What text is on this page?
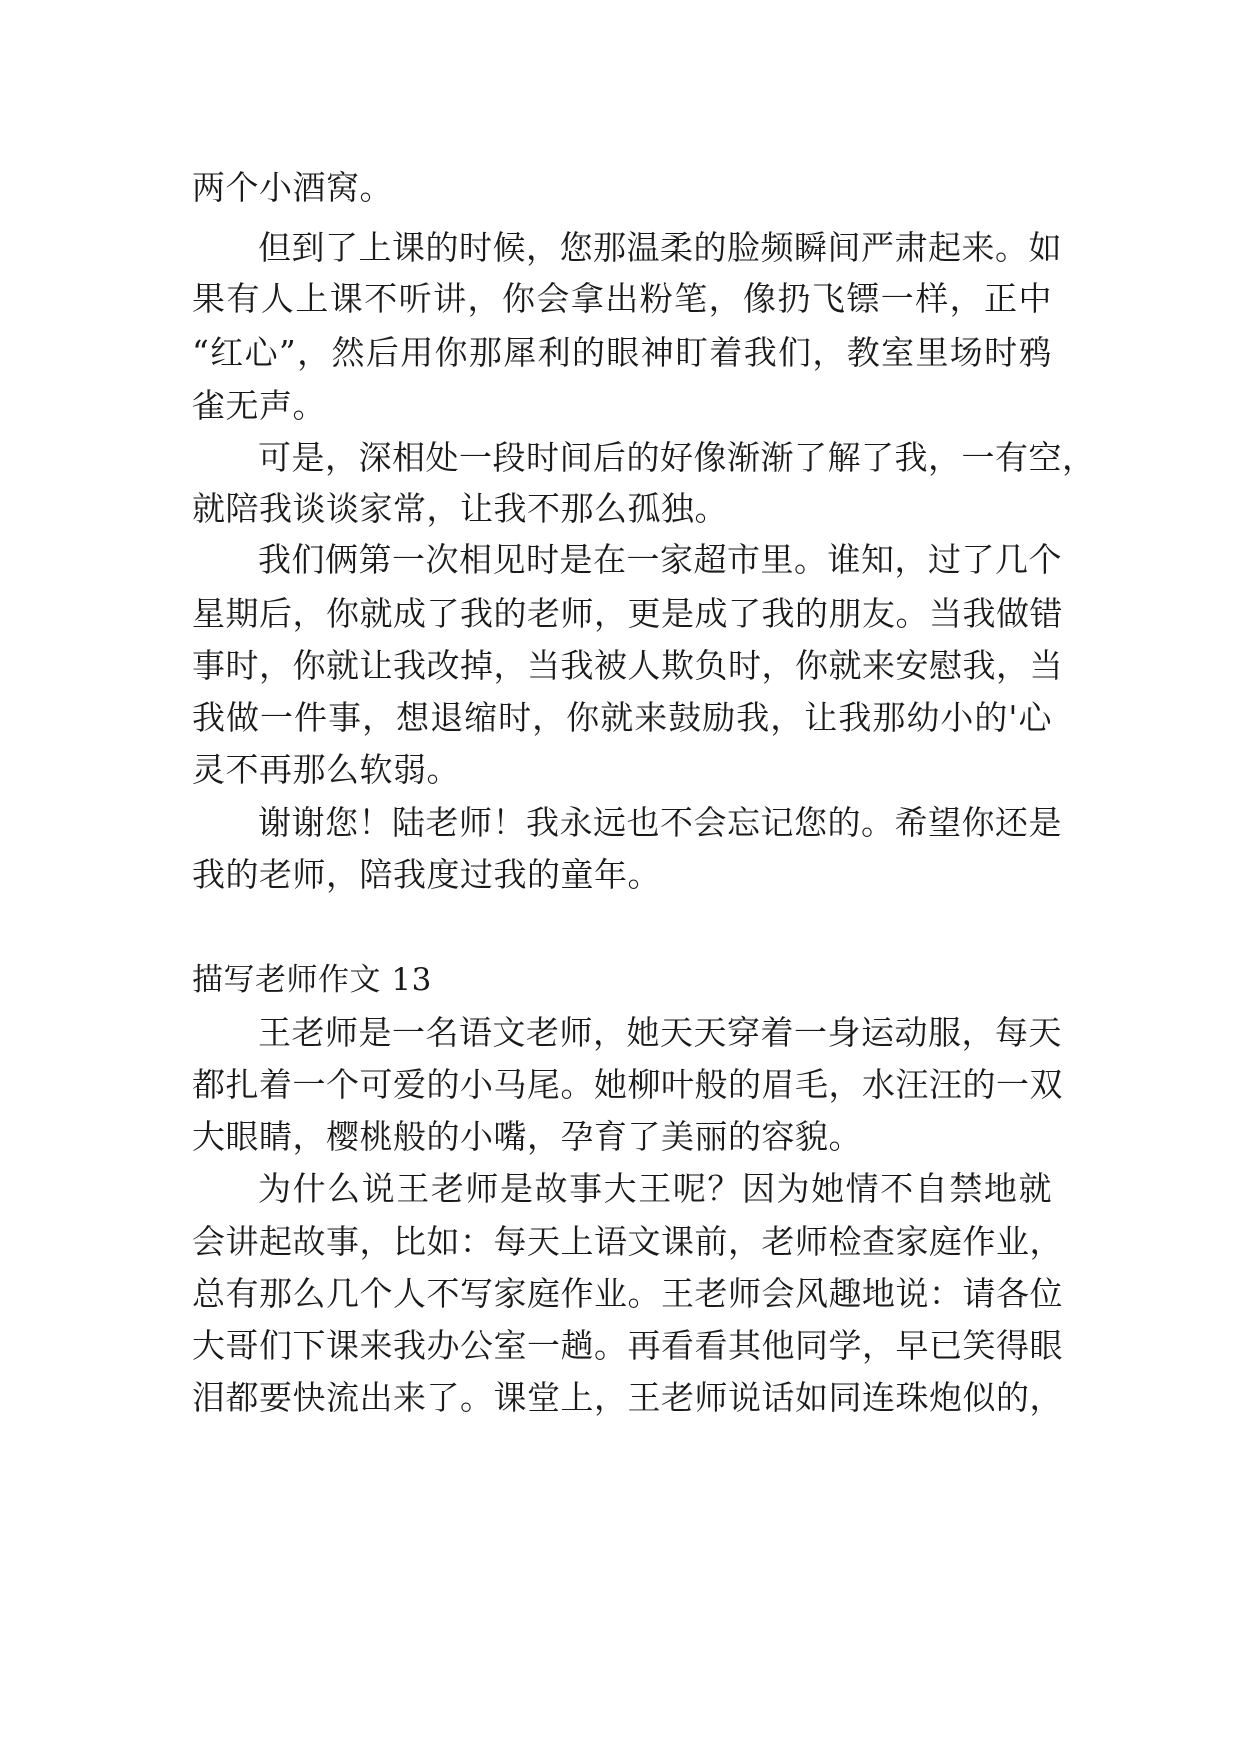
两个小酒窝。
但到了上课的时候，您那温柔的脸频瞬间严肃起来。如
果有人上课不听讲，你会拿出粉笔，像扔飞镖一样，正中
“红心”，然后用你那犀利的眼神盯着我们，教室里场时鸦
雀无声。
可是，深相处一段时间后的好像渐渐了解了我，一有空，
就陪我谈谈家常，让我不那么孤独。
我们俩第一次相见时是在一家超市里。谁知，过了几个
星期后，你就成了我的老师，更是成了我的朋友。当我做错
事时，你就让我改掉，当我被人欺负时，你就来安慰我，当
我做一件事，想退缩时，你就来鼓励我，让我那幼小的'心
灵不再那么软弱。
谢谢您！陆老师！我永远也不会忘记您的。希望你还是
我的老师，陪我度过我的童年。
描写老师作文 13
王老师是一名语文老师，她天天穿着一身运动服，每天
都扎着一个可爱的小马尾。她柳叶般的眉毛，水汪汪的一双
大眼睛，樱桃般的小嘴，孕育了美丽的容貌。
为什么说王老师是故事大王呢？因为她情不自禁地就
会讲起故事，比如：每天上语文课前，老师检查家庭作业，
总有那么几个人不写家庭作业。王老师会风趣地说：请各位
大哥们下课来我办公室一趟。再看看其他同学，早已笑得眼
泪都要快流出来了。课堂上，王老师说话如同连珠炮似的，
